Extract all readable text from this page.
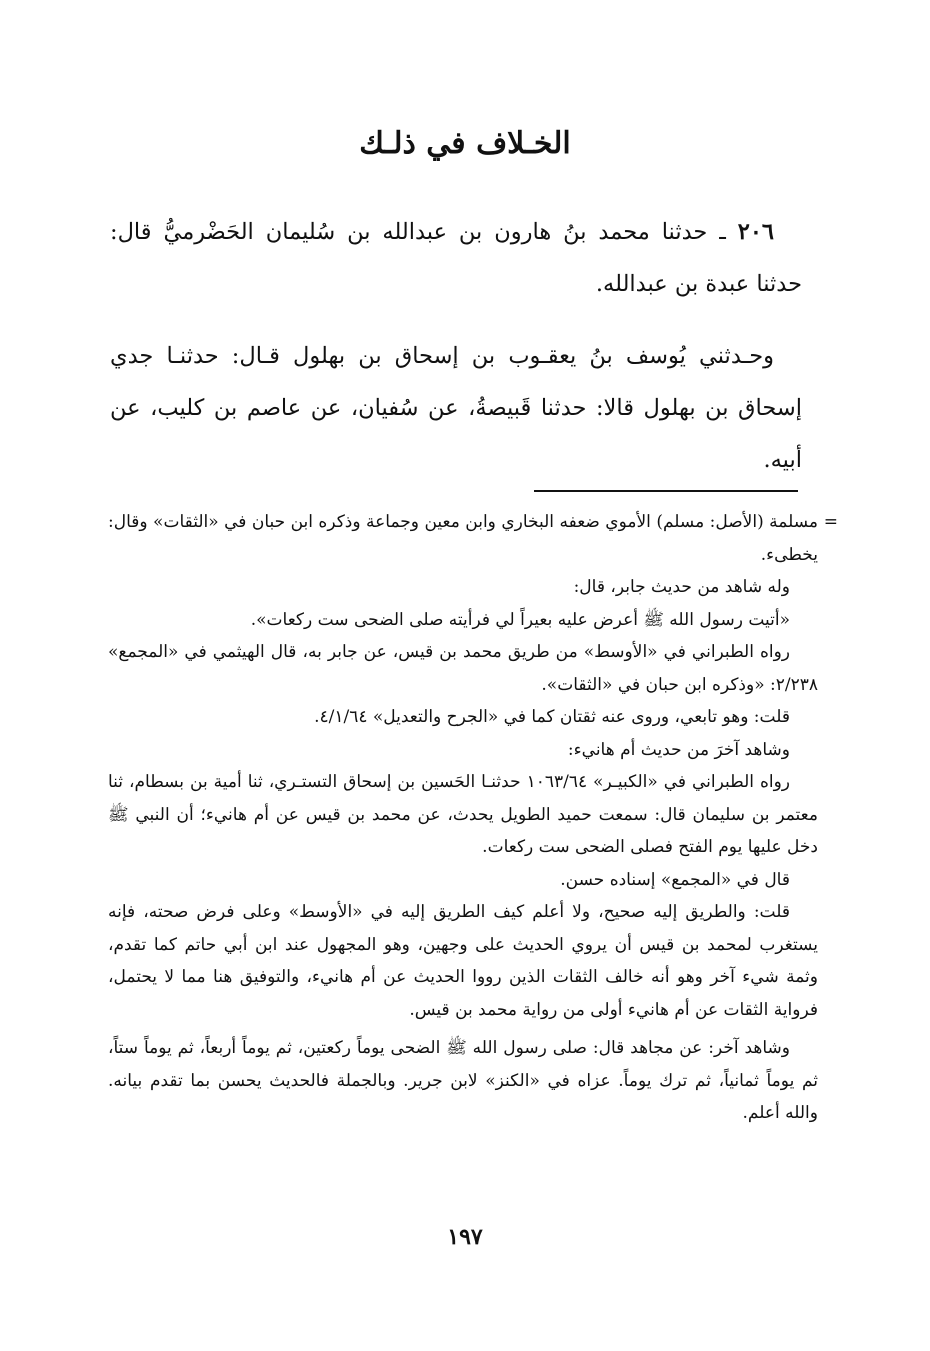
الخـلاف في ذلـك

٢٠٦ ـ حدثنا محمد بنُ هارون بن عبدالله بن سُليمان الحَضْرميُّ قال: حدثنا عبدة بن عبدالله.

وحـدثني يُوسف بنُ يعقـوب بن إسحاق بن بهلول قـال: حدثنـا جدي إسحاق بن بهلول قالا: حدثنا قَبيصةُ، عن سُفيان، عن عاصم بن كليب، عن أبيه.

=

مسلمة (الأصل: مسلم) الأموي ضعفه البخاري وابن معين وجماعة وذكره ابن حبان في «الثقات» وقال: يخطىء.

وله شاهد من حديث جابر، قال:

«أتيت رسول الله ﷺ أعرض عليه بعيراً لي فرأيته صلى الضحى ست ركعات».

رواه الطبراني في «الأوسط» من طريق محمد بن قيس، عن جابر به، قال الهيثمي في «المجمع» ٢/٢٣٨: «وذكره ابن حبان في «الثقات».

قلت: وهو تابعي، وروى عنه ثقتان كما في «الجرح والتعديل» ٤/١/٦٤.

وشاهد آخرَ من حديث أم هانيء:

رواه الطبراني في «الكبيـر» ١٠٦٣/٦٤ حدثنـا الحَسين بن إسحاق التستـري، ثنا أمية بن بسطام، ثنا معتمر بن سليمان قال: سمعت حميد الطويل يحدث، عن محمد بن قيس عن أم هانيء؛ أن النبي ﷺ دخل عليها يوم الفتح فصلى الضحى ست ركعات.

قال في «المجمع» إسناده حسن.

قلت: والطريق إليه صحيح، ولا أعلم كيف الطريق إليه في «الأوسط» وعلى فرض صحته، فإنه يستغرب لمحمد بن قيس أن يروي الحديث على وجهين، وهو المجهول عند ابن أبي حاتم كما تقدم، وثمة شيء آخر وهو أنه خالف الثقات الذين رووا الحديث عن أم هانيء، والتوفيق هنا مما لا يحتمل، فرواية الثقات عن أم هانيء أولى من رواية محمد بن قيس.

وشاهد آخر: عن مجاهد قال: صلى رسول الله ﷺ الضحى يوماً ركعتين، ثم يوماً أربعاً، ثم يوماً ستاً، ثم يوماً ثمانياً، ثم ترك يوماً. عزاه في «الكنز» لابن جرير. وبالجملة فالحديث يحسن بما تقدم بيانه. والله أعلم.

١٩٧
